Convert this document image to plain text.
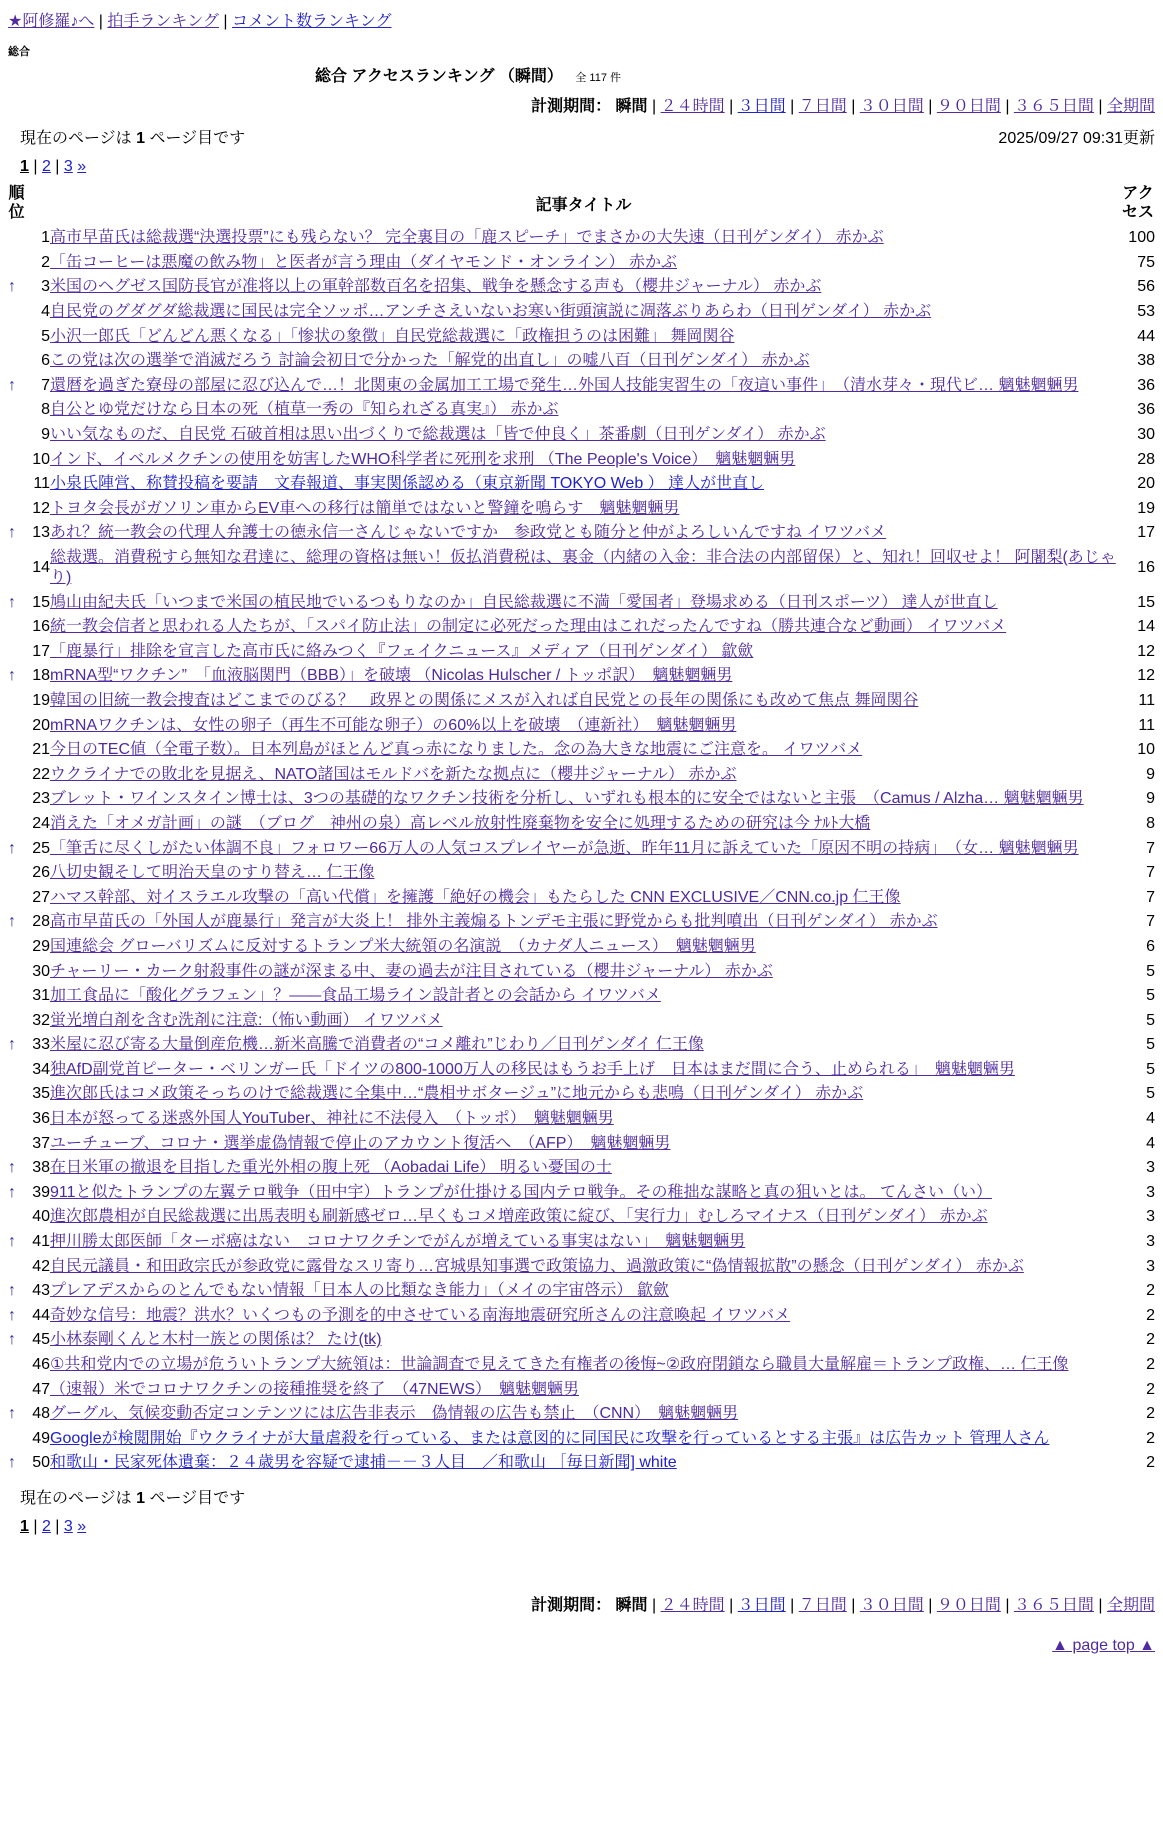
★阿修羅♪へ | 拍手ランキング | コメント数ランキング
総合
総合 アクセスランキング （瞬間） 全 117 件
計測期間： 瞬間 | ２４時間 | ３日間 | ７日間 | ３０日間 | ９０日間 | ３６５日間 | 全期間
現在のページは 1 ページ目です	2025/09/27 09:31更新
1 | 2 | 3 »
順位		記事タイトル	アクセス

	1	高市早苗氏は総裁選“決選投票”にも残らない？ 完全裏目の「鹿スピーチ」でまさかの大失速（日刊ゲンダイ） 赤かぶ	100
	2	「缶コーヒーは悪魔の飲み物」と医者が言う理由（ダイヤモンド・オンライン） 赤かぶ	75
↑	3	米国のヘグゼス国防長官が准将以上の軍幹部数百名を招集、戦争を懸念する声も（櫻井ジャーナル） 赤かぶ	56
	4	自民党のグダグダ総裁選に国民は完全ソッポ…アンチさえいないお寒い街頭演説に凋落ぶりあらわ（日刊ゲンダイ） 赤かぶ	53
	5	小沢一郎氏「どんどん悪くなる」「惨状の象徴」自民党総裁選に「政権担うのは困難」 舞岡関谷	44
	6	この党は次の選挙で消滅だろう 討論会初日で分かった「解党的出直し」の嘘八百（日刊ゲンダイ） 赤かぶ	38
↑	7	還暦を過ぎた寮母の部屋に忍び込んで…！北関東の金属加工工場で発生…外国人技能実習生の「夜這い事件」　（清水芽々・現代ビ… 魑魅魍魎男	36
	8	自公とゆ党だけなら日本の死（植草一秀の『知られざる真実』） 赤かぶ	36
	9	いい気なものだ、自民党 石破首相は思い出づくりで総裁選は「皆で仲良く」茶番劇（日刊ゲンダイ） 赤かぶ	30
	10	インド、イベルメクチンの使用を妨害したWHO科学者に死刑を求刑 （The People's Voice）　魑魅魍魎男	28
	11	小泉氏陣営、称賛投稿を要請　文春報道、事実関係認める（東京新聞 TOKYO Web ） 達人が世直し	20
	12	トヨタ会長がガソリン車からEV車への移行は簡単ではないと警鐘を鳴らす　魑魅魍魎男	19
↑	13	あれ？統一教会の代理人弁護士の徳永信一さんじゃないですか　参政党とも随分と仲がよろしいんですね イワツバメ	17
	14	総裁選。消費税すら無知な君達に、総理の資格は無い！仮払消費税は、裏金（内緒の入金：非合法の内部留保）と、知れ！回収せよ！ 阿闍梨(あじゃり)	16
↑	15	鳩山由紀夫氏「いつまで米国の植民地でいるつもりなのか」自民総裁選に不満「愛国者」登場求める（日刊スポーツ） 達人が世直し	15
	16	統一教会信者と思われる人たちが、「スパイ防止法」の制定に必死だった理由はこれだったんですね（勝共連合など動画） イワツバメ	14
	17	「鹿暴行」排除を宣言した高市氏に絡みつく『フェイクニュース』メディア（日刊ゲンダイ） 歙歛	12
↑	18	mRNA型“ワクチン”　「血液脳関門（BBB）」を破壊 （Nicolas Hulscher / トッポ訳）　魑魅魍魎男	12
	19	韓国の旧統一教会捜査はどこまでのびる？　政界との関係にメスが入れば自民党との長年の関係にも改めて焦点 舞岡関谷	11
	20	mRNAワクチンは、女性の卵子（再生不可能な卵子）の60%以上を破壊　（連新社）　魑魅魍魎男	11
	21	今日のTEC値（全電子数）。日本列島がほとんど真っ赤になりました。念の為大きな地震にご注意を。 イワツバメ	10
	22	ウクライナでの敗北を見据え、NATO諸国はモルドバを新たな拠点に（櫻井ジャーナル） 赤かぶ	9
	23	ブレット・ワインスタイン博士は、3つの基礎的なワクチン技術を分析し、いずれも根本的に安全ではないと主張　（Camus / Alzha… 魑魅魍魎男	9
	24	消えた「オメガ計画」の謎　（ブログ　神州の泉）高レベル放射性廃棄物を安全に処理するための研究は今 ﾅﾙﾄ大橋	8
↑	25	「筆舌に尽くしがたい体調不良」フォロワー66万人の人気コスプレイヤーが急逝、昨年11月に訴えていた「原因不明の持病」　（女… 魑魅魍魎男	7
	26	八切史観そして明治天皇のすり替え… 仁王像	7
	27	ハマス幹部、対イスラエル攻撃の「高い代償」を擁護「絶好の機会」もたらした CNN EXCLUSIVE／CNN.co.jp 仁王像	7
↑	28	高市早苗氏の「外国人が鹿暴行」発言が大炎上！ 排外主義煽るトンデモ主張に野党からも批判噴出（日刊ゲンダイ） 赤かぶ	7
	29	国連総会 グローバリズムに反対するトランプ米大統領の名演説　（カナダ人ニュース）　魑魅魍魎男	6
	30	チャーリー・カーク射殺事件の謎が深まる中、妻の過去が注目されている（櫻井ジャーナル） 赤かぶ	5
	31	加工食品に「酸化グラフェン」？——食品工場ライン設計者との会話から イワツバメ	5
	32	蛍光増白剤を含む洗剤に注意:（怖い動画） イワツバメ	5
↑	33	米屋に忍び寄る大量倒産危機…新米高騰で消費者の“コメ離れ”じわり／日刊ゲンダイ 仁王像	5
	34	独AfD副党首ピーター・ベリンガー氏「ドイツの800-1000万人の移民はもうお手上げ　日本はまだ間に合う、止められる」　魑魅魍魎男	5
	35	進次郎氏はコメ政策そっちのけで総裁選に全集中…“農相サボタージュ”に地元からも悲鳴（日刊ゲンダイ） 赤かぶ	5
	36	日本が怒ってる迷惑外国人YouTuber、神社に不法侵入　（トッポ）　魑魅魍魎男	4
	37	ユーチューブ、コロナ・選挙虚偽情報で停止のアカウント復活へ　（AFP）　魑魅魍魎男	4
↑	38	在日米軍の撤退を目指した重光外相の腹上死 （Aobadai Life） 明るい憂国の士	3
↑	39	911と似たトランプの左翼テロ戦争（田中宇）トランプが仕掛ける国内テロ戦争。その稚拙な謀略と真の狙いとは。 てんさい（い）	3
	40	進次郎農相が自民総裁選に出馬表明も刷新感ゼロ…早くもコメ増産政策に綻び、「実行力」むしろマイナス（日刊ゲンダイ） 赤かぶ	3
↑	41	押川勝太郎医師「ターボ癌はない　コロナワクチンでがんが増えている事実はない」　魑魅魍魎男	3
	42	自民元議員・和田政宗氏が参政党に露骨なスリ寄り…宮城県知事選で政策協力、過激政策に“偽情報拡散”の懸念（日刊ゲンダイ） 赤かぶ	3
↑	43	プレアデスからのとんでもない情報「日本人の比類なき能力」（メイの宇宙啓示） 歙歛	2
↑	44	奇妙な信号：地震？洪水？いくつもの予測を的中させている南海地震研究所さんの注意喚起 イワツバメ	2
↑	45	小林泰剛くんと木村一族との関係は？ たけ(tk)	2
	46	①共和党内での立場が危ういトランプ大統領は：世論調査で見えてきた有権者の後悔~②政府閉鎖なら職員大量解雇＝トランプ政権、… 仁王像	2
	47	（速報）米でコロナワクチンの接種推奨を終了　（47NEWS）　魑魅魍魎男	2
↑	48	グーグル、気候変動否定コンテンツには広告非表示　偽情報の広告も禁止　（CNN）　魑魅魍魎男	2
	49	Googleが検閲開始『ウクライナが大量虐殺を行っている、または意図的に同国民に攻撃を行っているとする主張』は広告カット 管理人さん	2
↑	50	和歌山・民家死体遺棄：２４歳男を容疑で逮捕－－３人目　／和歌山 ［毎日新聞] white	2
現在のページは 1 ページ目です
1 | 2 | 3 »
計測期間： 瞬間 | ２４時間 | ３日間 | ７日間 | ３０日間 | ９０日間 | ３６５日間 | 全期間
▲ page top ▲
